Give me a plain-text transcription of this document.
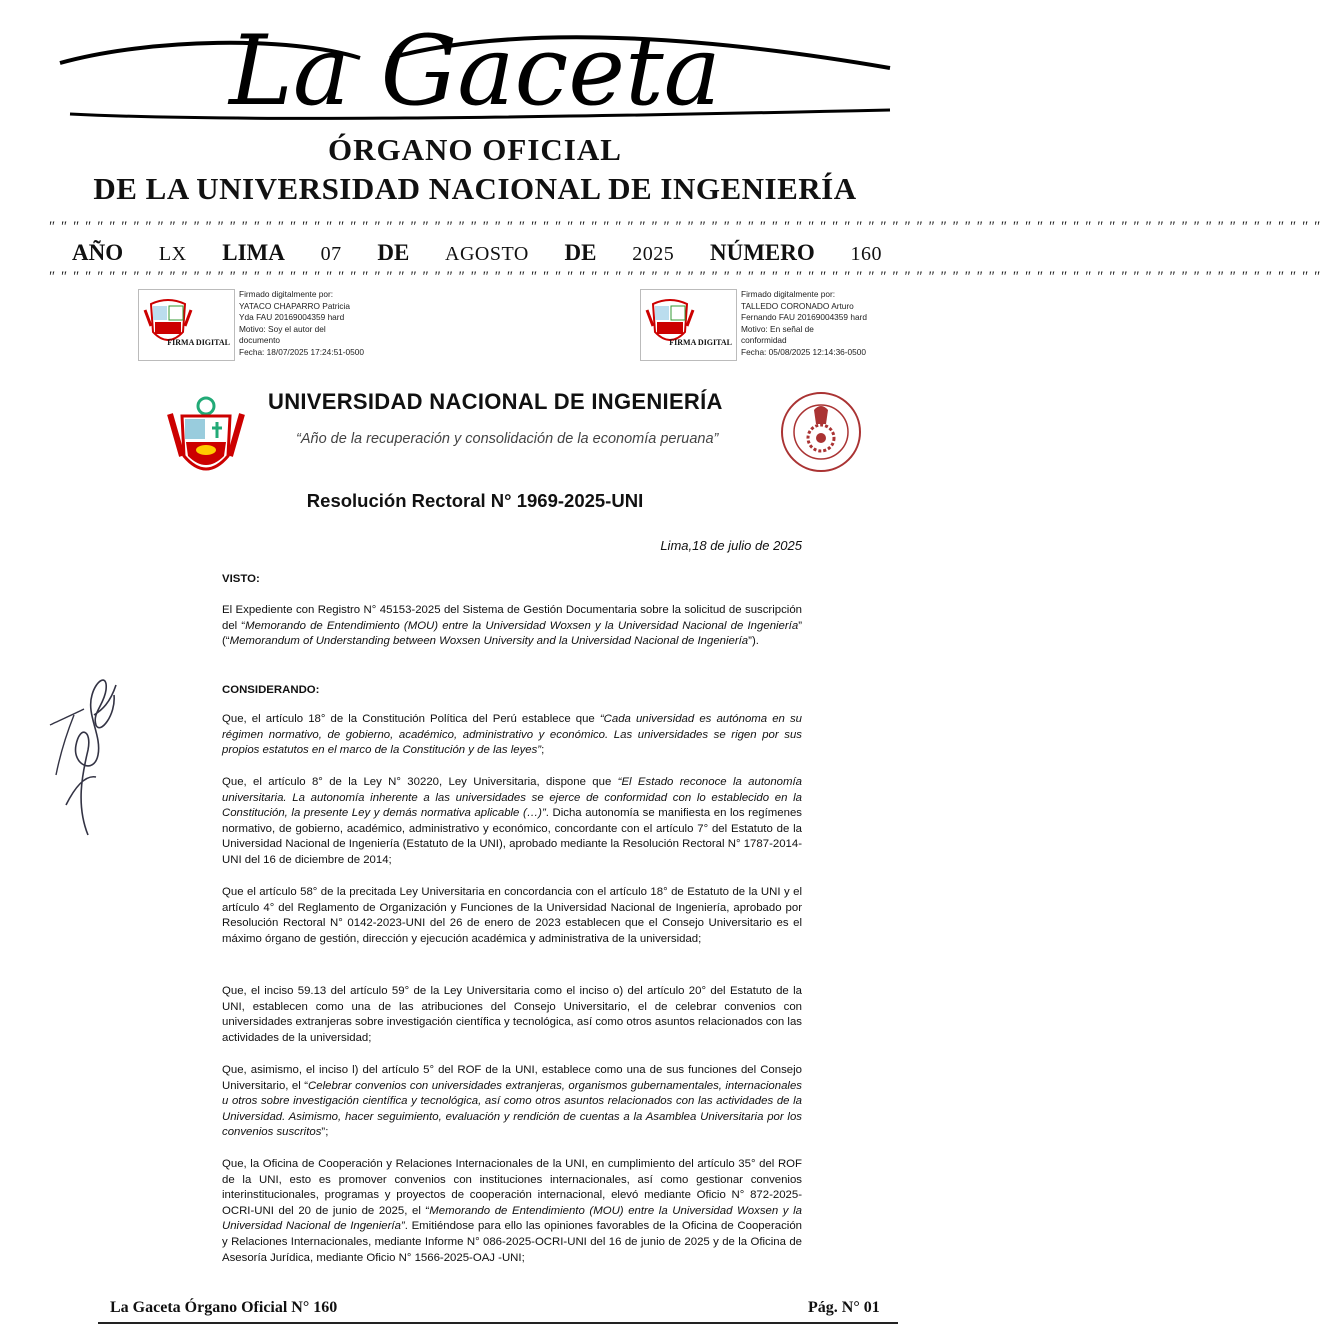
La Gaceta
ÓRGANO OFICIAL
DE LA UNIVERSIDAD NACIONAL DE INGENIERÍA
" " " " " " " " " " " " " " " " " " " " " " " " " " " " " " " " " " " " " " " " " " " " " " " " " " " " " " " " " " " " " " " " " " " " " " " " " " " " " " " " " " " " " " " " " " " " " " " " " " " " " " " " " "
AÑO LX LIMA 07 DE AGOSTO DE 2025 NÚMERO 160
" " " " " " " " " " " " " " " " " " " " " " " " " " " " " " " " " " " " " " " " " " " " " " " " " " " " " " " " " " " " " " " " " " " " " " " " " " " " " " " " " " " " " " " " " " " " " " " " " " " " " " " " " "
FIRMA DIGITAL
Firmado digitalmente por:
YATACO CHAPARRO Patricia
Yda FAU 20169004359 hard
Motivo: Soy el autor del
documento
Fecha: 18/07/2025 17:24:51-0500
FIRMA DIGITAL
Firmado digitalmente por:
TALLEDO CORONADO Arturo
Fernando FAU 20169004359 hard
Motivo: En señal de
conformidad
Fecha: 05/08/2025 12:14:36-0500
UNIVERSIDAD NACIONAL DE INGENIERÍA
“Año de la recuperación y consolidación de la economía peruana”
Resolución Rectoral N° 1969-2025-UNI
Lima,18 de julio de 2025
VISTO:
El Expediente con Registro N° 45153-2025 del Sistema de Gestión Documentaria sobre la solicitud de suscripción del “Memorando de Entendimiento (MOU) entre la Universidad Woxsen y la Universidad Nacional de Ingeniería” (“Memorandum of Understanding between Woxsen University and la Universidad Nacional de Ingeniería”).
CONSIDERANDO:
Que, el artículo 18° de la Constitución Política del Perú establece que “Cada universidad es autónoma en su régimen normativo, de gobierno, académico, administrativo y económico. Las universidades se rigen por sus propios estatutos en el marco de la Constitución y de las leyes”;
Que, el artículo 8° de la Ley N° 30220, Ley Universitaria, dispone que “El Estado reconoce la autonomía universitaria. La autonomía inherente a las universidades se ejerce de conformidad con lo establecido en la Constitución, la presente Ley y demás normativa aplicable (…)”. Dicha autonomía se manifiesta en los regímenes normativo, de gobierno, académico, administrativo y económico, concordante con el artículo 7° del Estatuto de la Universidad Nacional de Ingeniería (Estatuto de la UNI), aprobado mediante la Resolución Rectoral N° 1787-2014-UNI del 16 de diciembre de 2014;
Que el artículo 58° de la precitada Ley Universitaria en concordancia con el artículo 18° de Estatuto de la UNI y el artículo 4° del Reglamento de Organización y Funciones de la Universidad Nacional de Ingeniería, aprobado por Resolución Rectoral N° 0142-2023-UNI del 26 de enero de 2023 establecen que el Consejo Universitario es el máximo órgano de gestión, dirección y ejecución académica y administrativa de la universidad;
Que, el inciso 59.13 del artículo 59° de la Ley Universitaria como el inciso o) del artículo 20° del Estatuto de la UNI, establecen como una de las atribuciones del Consejo Universitario, el de celebrar convenios con universidades extranjeras sobre investigación científica y tecnológica, así como otros asuntos relacionados con las actividades de la universidad;
Que, asimismo, el inciso l) del artículo 5° del ROF de la UNI, establece como una de sus funciones del Consejo Universitario, el “Celebrar convenios con universidades extranjeras, organismos gubernamentales, internacionales u otros sobre investigación científica y tecnológica, así como otros asuntos relacionados con las actividades de la Universidad. Asimismo, hacer seguimiento, evaluación y rendición de cuentas a la Asamblea Universitaria por los convenios suscritos”;
Que, la Oficina de Cooperación y Relaciones Internacionales de la UNI, en cumplimiento del artículo 35° del ROF de la UNI, esto es promover convenios con instituciones internacionales, así como gestionar convenios interinstitucionales, programas y proyectos de cooperación internacional, elevó mediante Oficio N° 872-2025-OCRI-UNI del 20 de junio de 2025, el “Memorando de Entendimiento (MOU) entre la Universidad Woxsen y la Universidad Nacional de Ingeniería”. Emitiéndose para ello las opiniones favorables de la Oficina de Cooperación y Relaciones Internacionales, mediante Informe N° 086-2025-OCRI-UNI del 16 de junio de 2025 y de la Oficina de Asesoría Jurídica, mediante Oficio N° 1566-2025-OAJ -UNI;
La Gaceta Órgano Oficial N° 160	Pág. N° 01
